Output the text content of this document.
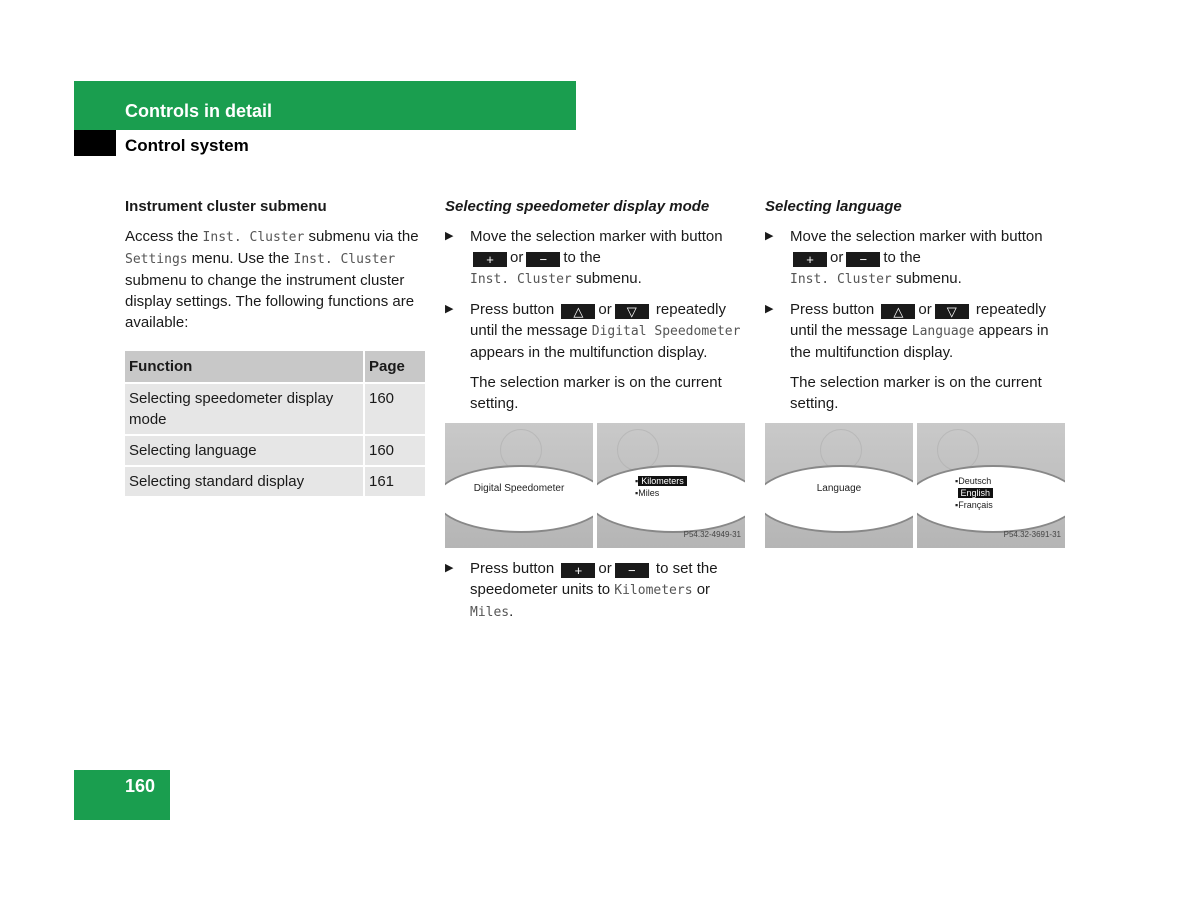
Controls in detail
Control system
Instrument cluster submenu

Access the Inst. Cluster submenu via the Settings menu. Use the Inst. Cluster submenu to change the instrument cluster display settings. The following functions are available:

Function	Page
Selecting speedometer display mode	160
Selecting language	160
Selecting standard display	161
Selecting speedometer display mode
▶ Move the selection marker with button + or − to the
Inst. Cluster submenu.
▶ Press button △ or ▽ repeatedly until the message Digital Speedometer appears in the multifunction display.
The selection marker is on the current setting.
Digital Speedometer
▪ Kilometers
▪Miles
P54.32-4949-31
▶ Press button + or − to set the speedometer units to Kilometers or
Miles.
Selecting language
▶ Move the selection marker with button + or − to the
Inst. Cluster submenu.
▶ Press button △ or ▽ repeatedly until the message Language appears in the multifunction display.
The selection marker is on the current setting.
Language
▪Deutsch
English
▪Français
P54.32-3691-31
160
